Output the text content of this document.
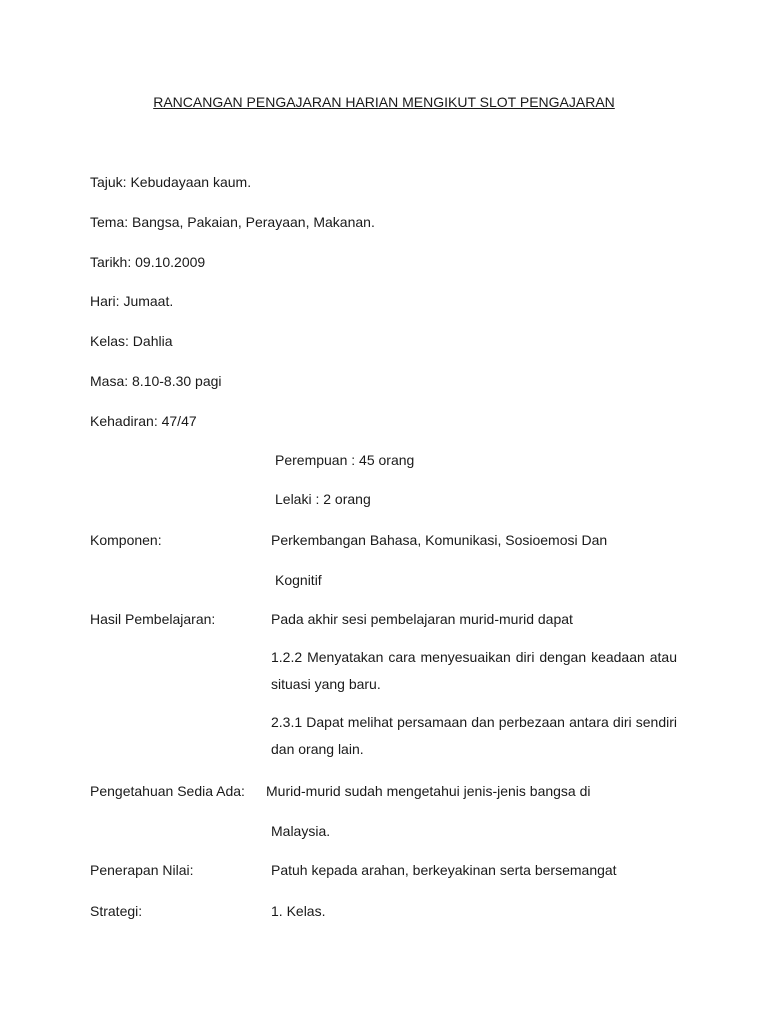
RANCANGAN PENGAJARAN HARIAN MENGIKUT SLOT PENGAJARAN
Tajuk: Kebudayaan kaum.
Tema: Bangsa, Pakaian, Perayaan, Makanan.
Tarikh: 09.10.2009
Hari: Jumaat.
Kelas: Dahlia
Masa: 8.10-8.30 pagi
Kehadiran: 47/47
Perempuan : 45 orang
Lelaki : 2 orang
Komponen:	Perkembangan Bahasa, Komunikasi, Sosioemosi Dan
Kognitif
Hasil Pembelajaran:	Pada akhir sesi pembelajaran murid-murid dapat
1.2.2 Menyatakan cara menyesuaikan diri dengan keadaan atau situasi yang baru.
2.3.1 Dapat melihat persamaan dan perbezaan antara diri sendiri dan orang lain.
Pengetahuan Sedia Ada: Murid-murid sudah mengetahui jenis-jenis bangsa di
Malaysia.
Penerapan Nilai:	Patuh kepada arahan, berkeyakinan serta bersemangat
Strategi:	1. Kelas.
